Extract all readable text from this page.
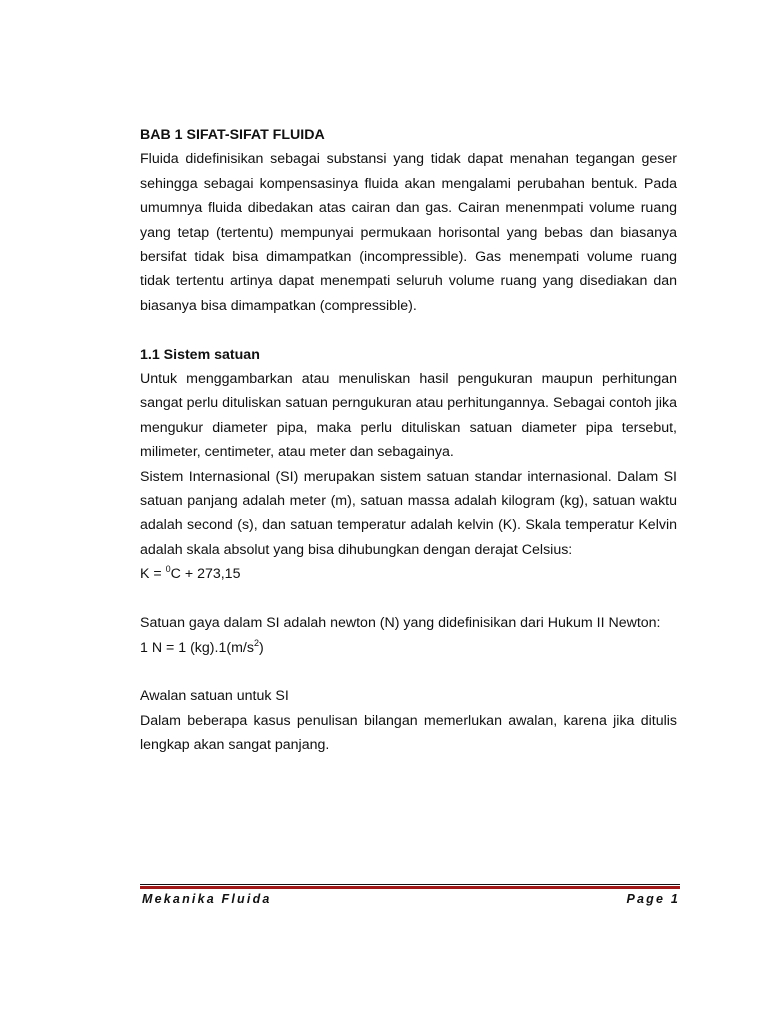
BAB 1 SIFAT-SIFAT FLUIDA

Fluida didefinisikan sebagai substansi yang tidak dapat menahan tegangan geser sehingga sebagai kompensasinya fluida akan mengalami perubahan bentuk. Pada umumnya fluida dibedakan atas cairan dan gas. Cairan menenmpati volume ruang yang tetap (tertentu) mempunyai permukaan horisontal yang bebas dan biasanya bersifat tidak bisa dimampatkan (incompressible). Gas menempati volume ruang tidak tertentu artinya dapat menempati seluruh volume ruang yang disediakan dan biasanya bisa dimampatkan (compressible).

1.1 Sistem satuan

Untuk menggambarkan atau menuliskan hasil pengukuran maupun perhitungan sangat perlu dituliskan satuan perngukuran atau perhitungannya. Sebagai contoh jika mengukur diameter pipa, maka perlu dituliskan satuan diameter pipa tersebut, milimeter, centimeter, atau meter dan sebagainya.

Sistem Internasional (SI) merupakan sistem satuan standar internasional. Dalam SI satuan panjang adalah meter (m), satuan massa adalah kilogram (kg), satuan waktu adalah second (s), dan satuan temperatur adalah kelvin (K). Skala temperatur Kelvin adalah skala absolut yang bisa dihubungkan dengan derajat Celsius:

K = $^0$C + 273,15

Satuan gaya dalam SI adalah newton (N) yang didefinisikan dari Hukum II Newton:

1 N = 1 $(kg).1(m/s^2)$

Awalan satuan untuk SI

Dalam beberapa kasus penulisan bilangan memerlukan awalan, karena jika ditulis lengkap akan sangat panjang.

Mekanika Fluida	Page 1
